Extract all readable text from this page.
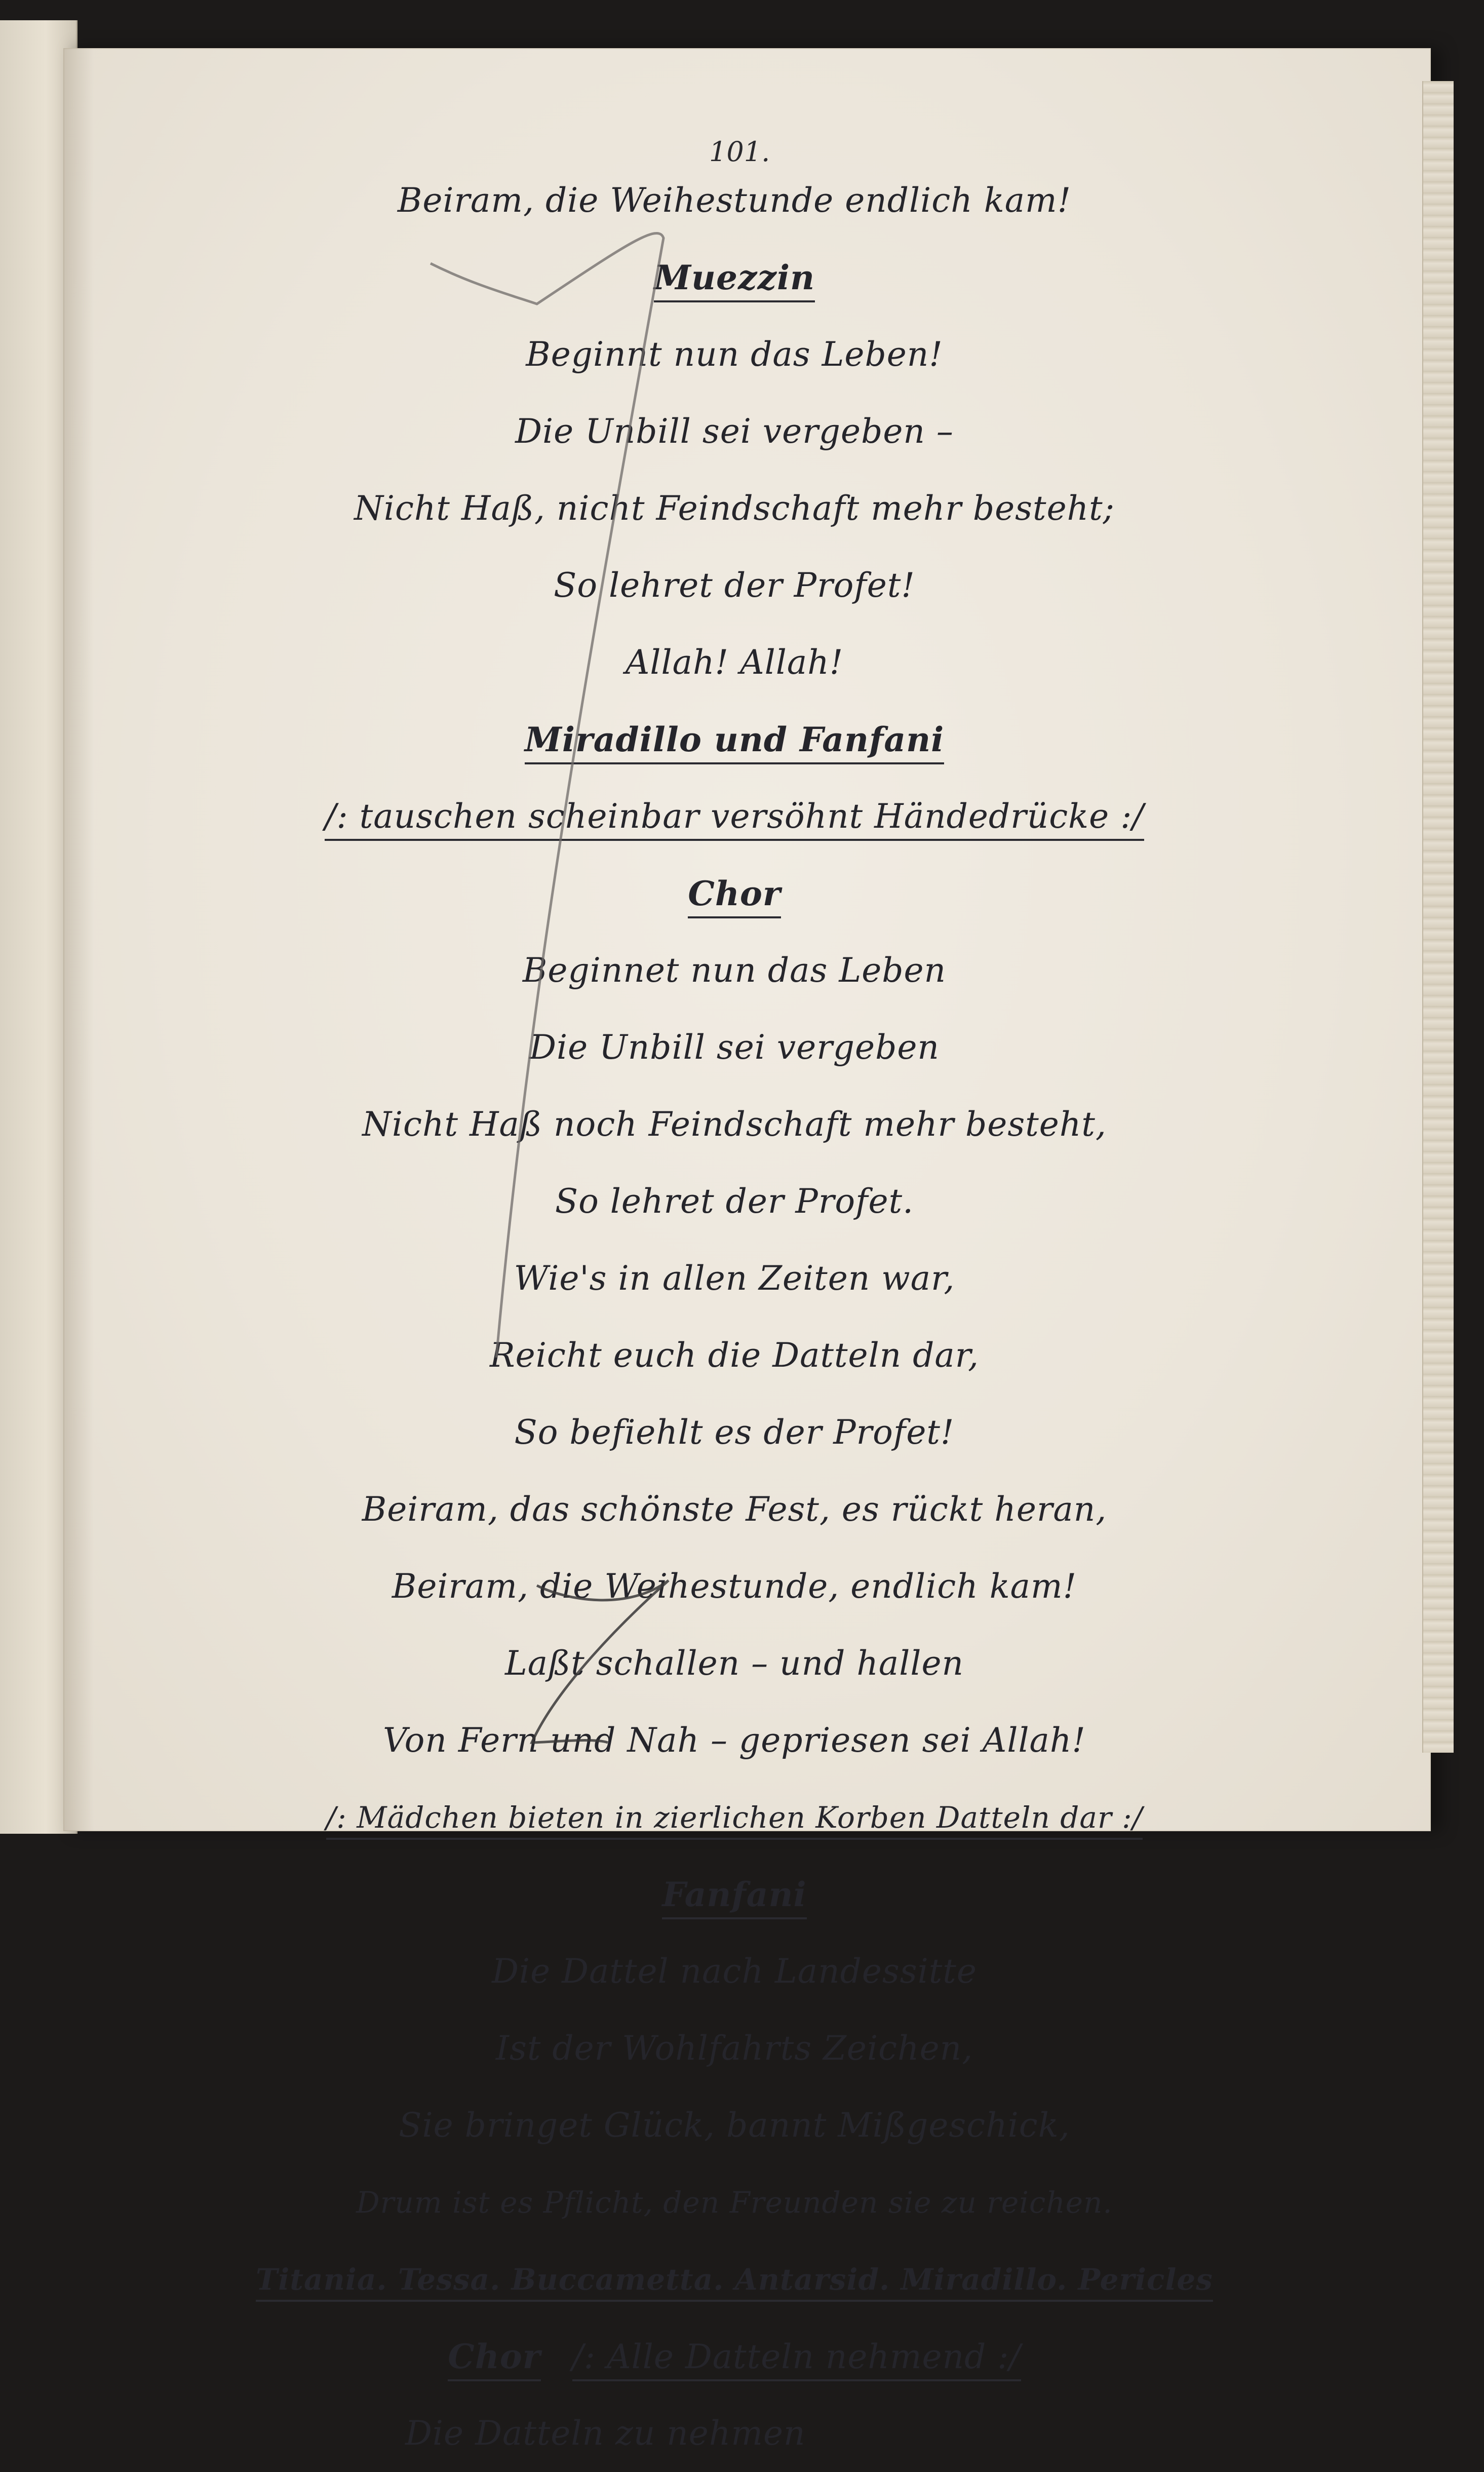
101.
Beiram, die Weihestunde endlich kam!
Muezzin
Beginnt nun das Leben!
Die Unbill sei vergeben –
Nicht Haß, nicht Feindschaft mehr besteht;
So lehret der Profet!
Allah! Allah!
Miradillo und Fanfani
/: tauschen scheinbar versöhnt Händedrücke :/
Chor
Beginnet nun das Leben
Die Unbill sei vergeben
Nicht Haß noch Feindschaft mehr besteht,
So lehret der Profet.
Wie's in allen Zeiten war,
Reicht euch die Datteln dar,
So befiehlt es der Profet!
Beiram, das schönste Fest, es rückt heran,
Beiram, die Weihestunde, endlich kam!
Laßt schallen – und hallen
Von Fern und Nah – gepriesen sei Allah!
/: Mädchen bieten in zierlichen Korben Datteln dar :/
Fanfani
Die Dattel nach Landessitte
Ist der Wohlfahrts Zeichen,
Sie bringet Glück, bannt Mißgeschick,
Drum ist es Pflicht, den Freunden sie zu reichen.
Titania. Tessa. Buccametta. Antarsid. Miradillo. Pericles
Chor /: Alle Datteln nehmend :/
Die Datteln zu nehmen
